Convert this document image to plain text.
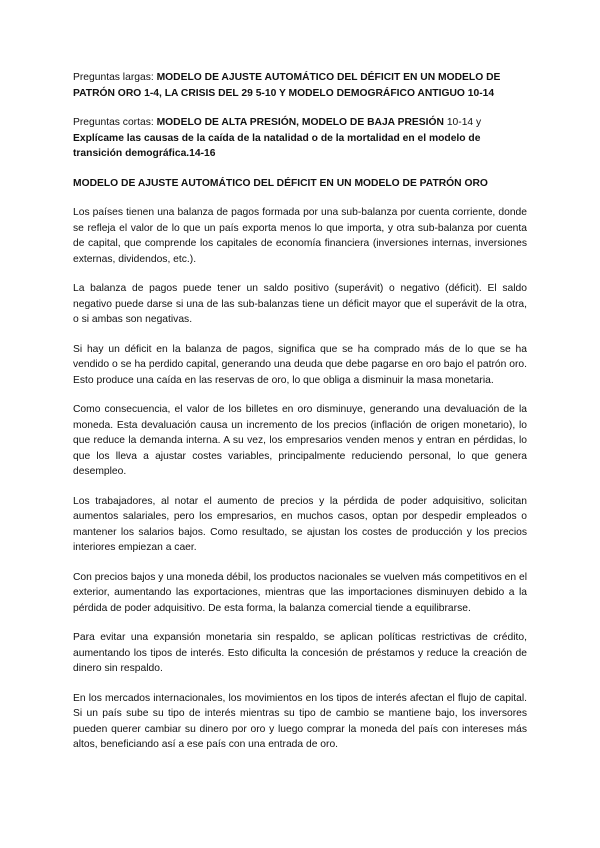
Preguntas largas: MODELO DE AJUSTE AUTOMÁTICO DEL DÉFICIT EN UN MODELO DE PATRÓN ORO 1-4, LA CRISIS DEL 29 5-10 Y MODELO DEMOGRÁFICO ANTIGUO 10-14

Preguntas cortas: MODELO DE ALTA PRESIÓN, MODELO DE BAJA PRESIÓN 10-14 y Explícame las causas de la caída de la natalidad o de la mortalidad en el modelo de transición demográfica.14-16

MODELO DE AJUSTE AUTOMÁTICO DEL DÉFICIT EN UN MODELO DE PATRÓN ORO

Los países tienen una balanza de pagos formada por una sub-balanza por cuenta corriente, donde se refleja el valor de lo que un país exporta menos lo que importa, y otra sub-balanza por cuenta de capital, que comprende los capitales de economía financiera (inversiones internas, inversiones externas, dividendos, etc.).

La balanza de pagos puede tener un saldo positivo (superávit) o negativo (déficit). El saldo negativo puede darse si una de las sub-balanzas tiene un déficit mayor que el superávit de la otra, o si ambas son negativas.

Si hay un déficit en la balanza de pagos, significa que se ha comprado más de lo que se ha vendido o se ha perdido capital, generando una deuda que debe pagarse en oro bajo el patrón oro. Esto produce una caída en las reservas de oro, lo que obliga a disminuir la masa monetaria.

Como consecuencia, el valor de los billetes en oro disminuye, generando una devaluación de la moneda. Esta devaluación causa un incremento de los precios (inflación de origen monetario), lo que reduce la demanda interna. A su vez, los empresarios venden menos y entran en pérdidas, lo que los lleva a ajustar costes variables, principalmente reduciendo personal, lo que genera desempleo.

Los trabajadores, al notar el aumento de precios y la pérdida de poder adquisitivo, solicitan aumentos salariales, pero los empresarios, en muchos casos, optan por despedir empleados o mantener los salarios bajos. Como resultado, se ajustan los costes de producción y los precios interiores empiezan a caer.

Con precios bajos y una moneda débil, los productos nacionales se vuelven más competitivos en el exterior, aumentando las exportaciones, mientras que las importaciones disminuyen debido a la pérdida de poder adquisitivo. De esta forma, la balanza comercial tiende a equilibrarse.

Para evitar una expansión monetaria sin respaldo, se aplican políticas restrictivas de crédito, aumentando los tipos de interés. Esto dificulta la concesión de préstamos y reduce la creación de dinero sin respaldo.

En los mercados internacionales, los movimientos en los tipos de interés afectan el flujo de capital. Si un país sube su tipo de interés mientras su tipo de cambio se mantiene bajo, los inversores pueden querer cambiar su dinero por oro y luego comprar la moneda del país con intereses más altos, beneficiando así a ese país con una entrada de oro.
